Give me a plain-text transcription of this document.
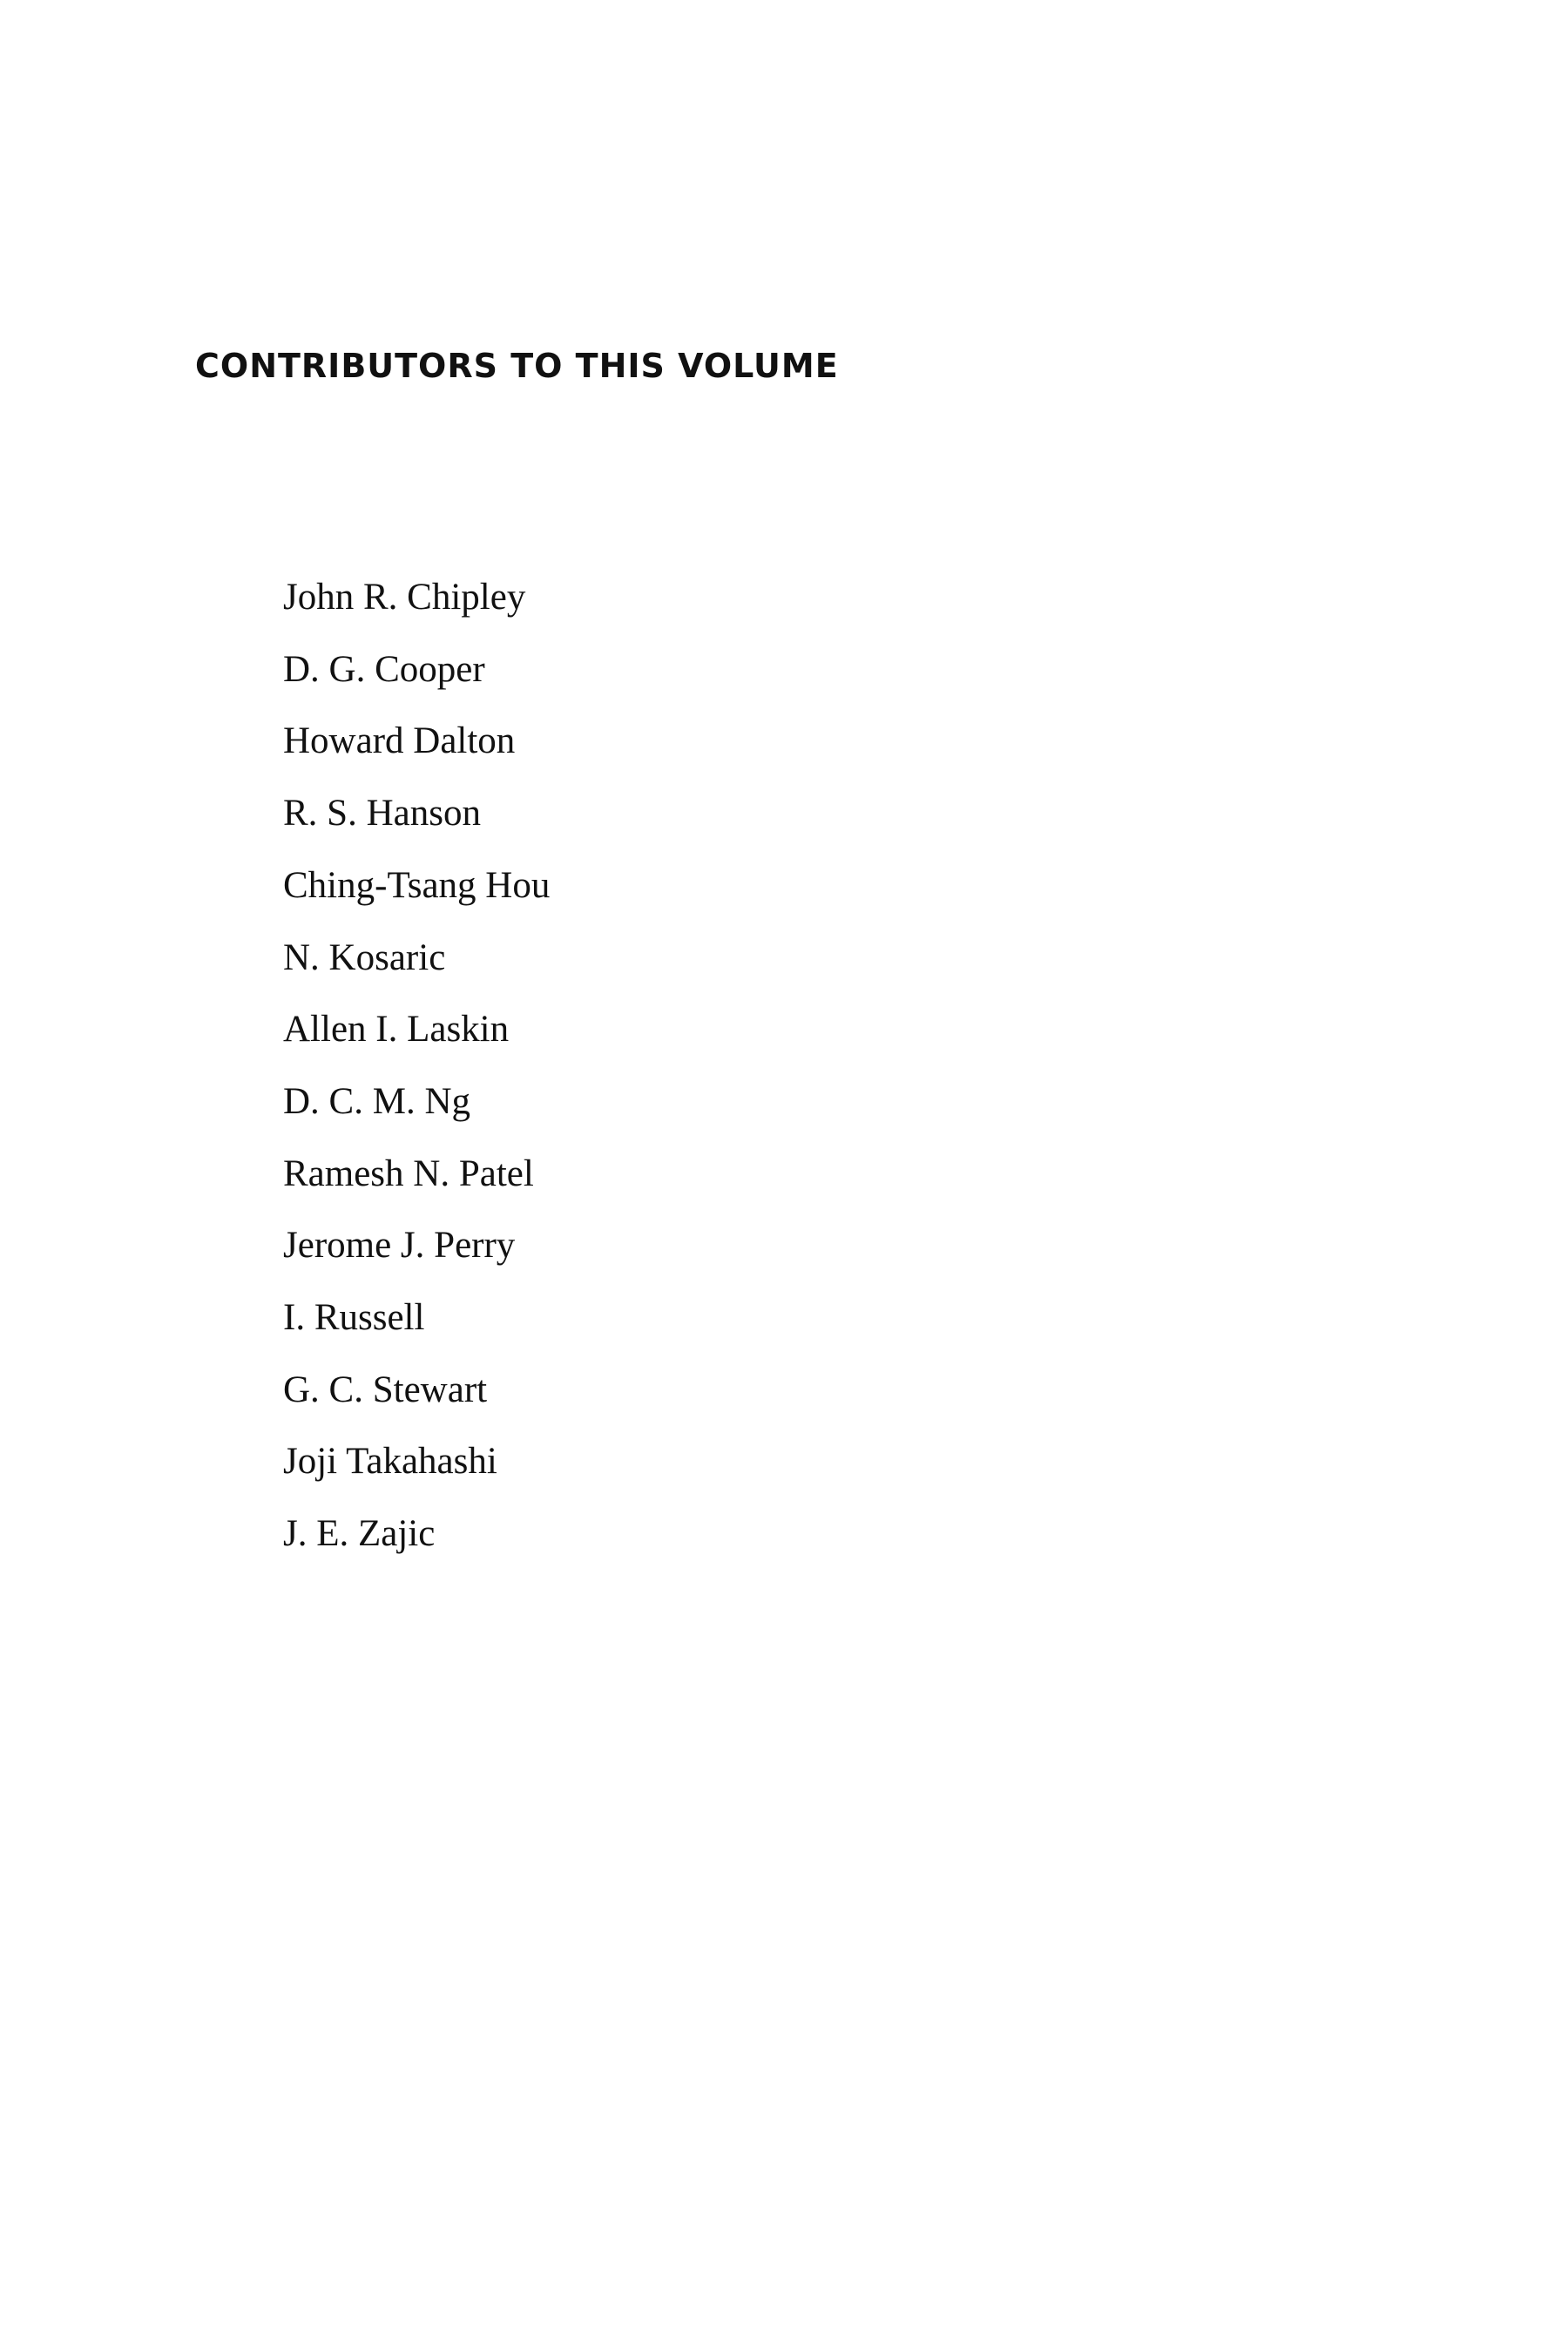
CONTRIBUTORS TO THIS VOLUME
John R. Chipley
D. G. Cooper
Howard Dalton
R. S. Hanson
Ching-Tsang Hou
N. Kosaric
Allen I. Laskin
D. C. M. Ng
Ramesh N. Patel
Jerome J. Perry
I. Russell
G. C. Stewart
Joji Takahashi
J. E. Zajic
